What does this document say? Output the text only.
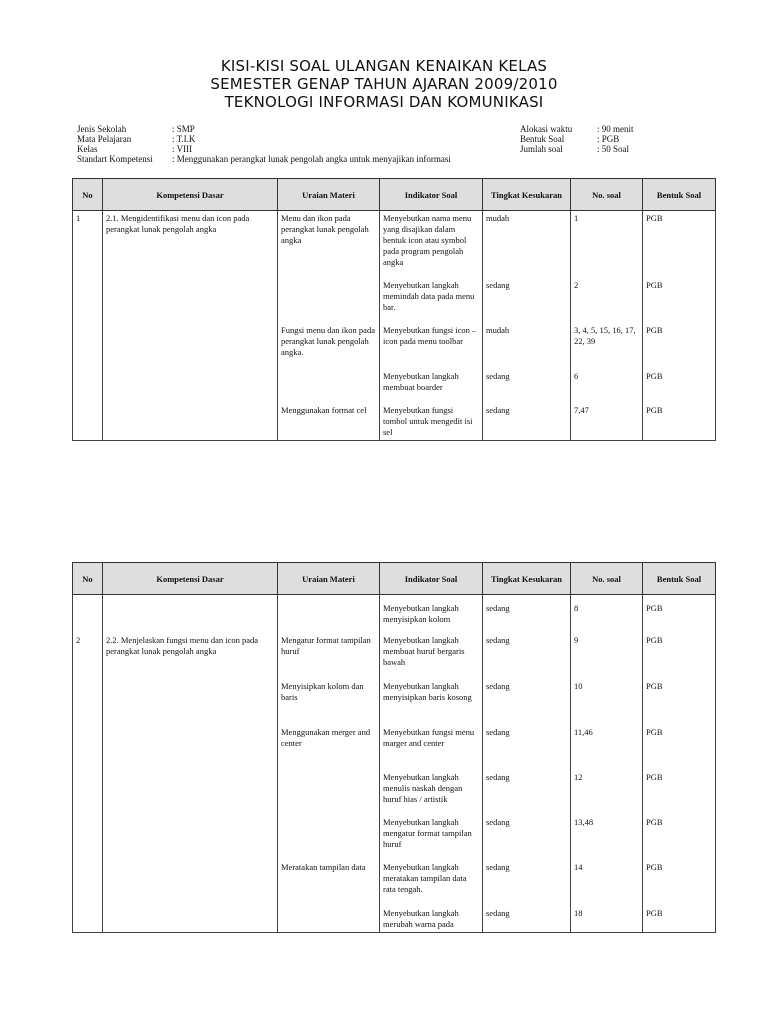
KISI-KISI SOAL ULANGAN KENAIKAN KELAS
SEMESTER GENAP TAHUN AJARAN 2009/2010
TEKNOLOGI INFORMASI DAN KOMUNIKASI
Jenis Sekolah	: SMP
Mata Pelajaran	: T.I.K
Kelas	: VIII
Standart Kompetensi	: Menggunakan perangkat lunak pengolah angka untuk menyajikan informasi
Alokasi waktu	: 90 menit
Bentuk Soal	: PGB
Jumlah soal	: 50 Soal
No	Kompetensi Dasar	Uraian Materi	Indikator Soal	Tingkat Kesukaran	No. soal	Bentuk Soal
1	2.1. Mengidentifikasi menu dan icon pada perangkat lunak pengolah angka	Menu dan ikon pada perangkat lunak pengolah angka	Menyebutkan nama menu yang disajikan dalam bentuk icon atau symbol pada program pengolah angka	mudah	1	PGB
			Menyebutkan langkah memindah data pada menu bar.	sedang	2	PGB
		Fungsi menu dan ikon pada perangkat lunak pengolah angka.	Menyebutkan fungsi icon – icon pada menu toolbar	mudah	3, 4, 5, 15, 16, 17, 22, 39	PGB
			Menyebutkan langkah membuat boarder	sedang	6	PGB
		Menggunakan format cel	Menyebutkan fungsi tombol untuk mengedit isi sel	sedang	7,47	PGB
No	Kompetensi Dasar	Uraian Materi	Indikator Soal	Tingkat Kesukaran	No. soal	Bentuk Soal
			Menyebutkan langkah menyisipkan kolom	sedang	8	PGB
2	2.2. Menjelaskan fungsi menu dan icon pada perangkat lunak pengolah angka	Mengatur format tampilan huruf	Menyebutkan langkah membuat huruf bergaris bawah	sedang	9	PGB
		Menyisipkan kolom dan baris	Menyebutkan langkah menyisipkan baris kosong	sedang	10	PGB
		Menggunakan merger and center	Menyebutkan fungsi menu marger and center	sedang	11,46	PGB
			Menyebutkan langkah menulis naskah dengan huruf hias / artistik	sedang	12	PGB
			Menyebutkan langkah mengatur format tampilan huruf	sedang	13,48	PGB
		Meratakan tampilan data	Menyebutkan langkah meratakan tampilan data rata tengah.	sedang	14	PGB
			Menyebutkan langkah merubah warna pada	sedang	18	PGB
